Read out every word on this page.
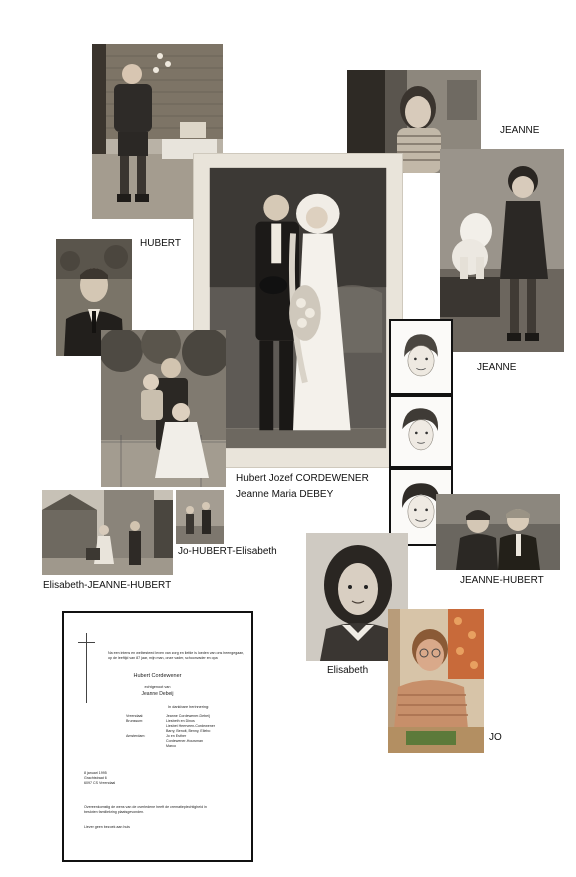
HUBERT
JEANNE
JEANNE
Hubert Jozef CORDEWENER
Jeanne Maria DEBEY
Jo-HUBERT-Elisabeth
Elisabeth-JEANNE-HUBERT	JEANNE-HUBERT
Elisabeth
JO
Na een intens en welbesteed leven van zorg en liefde is loeden van ons heengegaan, op de leeftijd van 87 jaar, mijn man, onze vader, schoonvader en opa
Hubert Cordewener
echtgenoot van
Jeanne Debeij
In dankbare herinnering:
Vreendaal:	Jeanne Cordewener-Debeij
Brunssum:	Liesbeth en Dinos
Liesbet Heerveen-Cordewener
Barry, Benoit, Benny, Ellebo
Amsterdam:	Jo en Esther
Cordewener-Houwman
Marco
8 januari 1995
Grachtstraat 6
6097 CS Vreendaal
Overeenkomstig de wens van de overledene heeft de crematieplechtigheid in
besloten familiekring plaatsgevonden.
Liever geen bezoek aan huis
